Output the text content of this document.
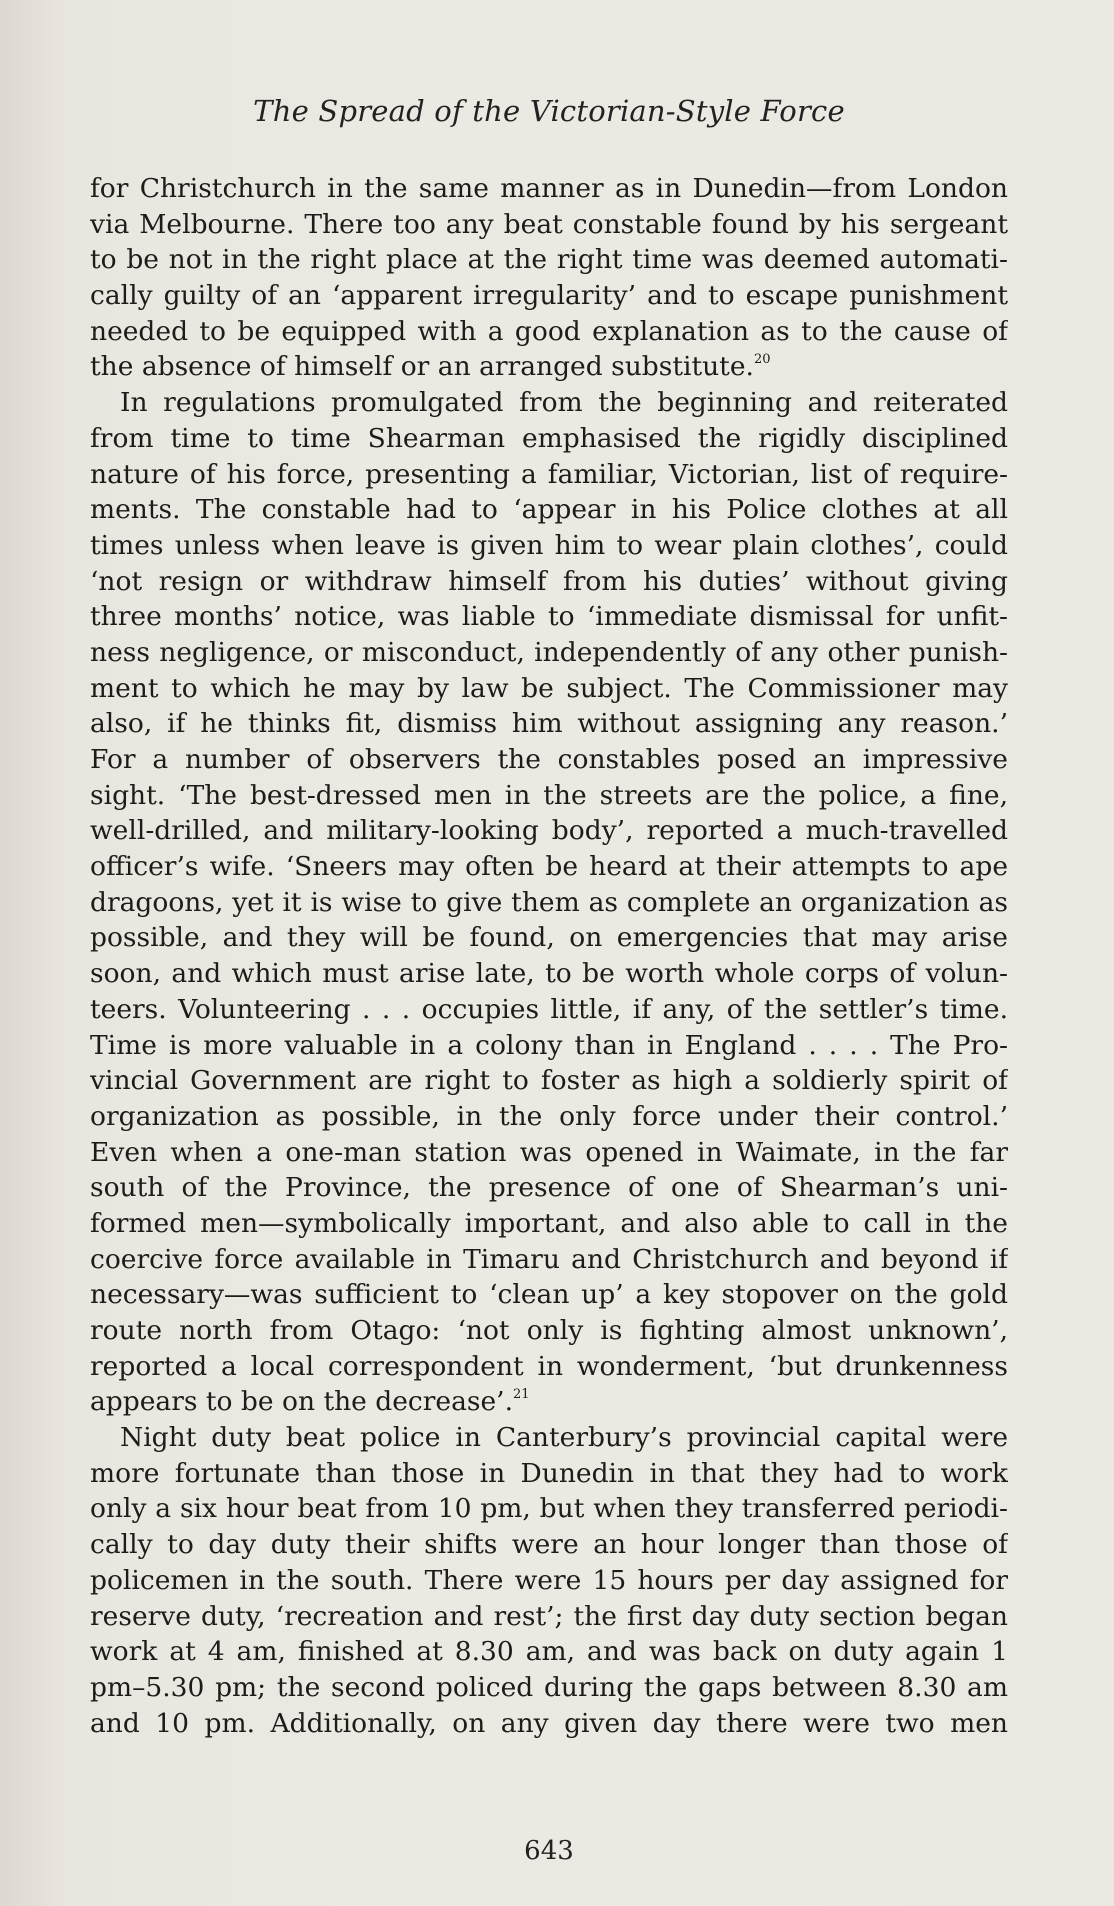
The Spread of the Victorian-Style Force
for Christchurch in the same manner as in Dunedin—from London
via Melbourne. There too any beat constable found by his sergeant
to be not in the right place at the right time was deemed automati-
cally guilty of an ‘apparent irregularity’ and to escape punishment
needed to be equipped with a good explanation as to the cause of
the absence of himself or an arranged substitute.$^{20}$
In regulations promulgated from the beginning and reiterated
from time to time Shearman emphasised the rigidly disciplined
nature of his force, presenting a familiar, Victorian, list of require-
ments. The constable had to ‘appear in his Police clothes at all
times unless when leave is given him to wear plain clothes’, could
‘not resign or withdraw himself from his duties’ without giving
three months’ notice, was liable to ‘immediate dismissal for unfit-
ness negligence, or misconduct, independently of any other punish-
ment to which he may by law be subject. The Commissioner may
also, if he thinks fit, dismiss him without assigning any reason.’
For a number of observers the constables posed an impressive
sight. ‘The best-dressed men in the streets are the police, a fine,
well-drilled, and military-looking body’, reported a much-travelled
officer’s wife. ‘Sneers may often be heard at their attempts to ape
dragoons, yet it is wise to give them as complete an organization as
possible, and they will be found, on emergencies that may arise
soon, and which must arise late, to be worth whole corps of volun-
teers. Volunteering . . . occupies little, if any, of the settler’s time.
Time is more valuable in a colony than in England . . . . The Pro-
vincial Government are right to foster as high a soldierly spirit of
organization as possible, in the only force under their control.’
Even when a one-man station was opened in Waimate, in the far
south of the Province, the presence of one of Shearman’s uni-
formed men—symbolically important, and also able to call in the
coercive force available in Timaru and Christchurch and beyond if
necessary—was sufficient to ‘clean up’ a key stopover on the gold
route north from Otago: ‘not only is fighting almost unknown’,
reported a local correspondent in wonderment, ‘but drunkenness
appears to be on the decrease’.$^{21}$
Night duty beat police in Canterbury’s provincial capital were
more fortunate than those in Dunedin in that they had to work
only a six hour beat from 10 pm, but when they transferred periodi-
cally to day duty their shifts were an hour longer than those of
policemen in the south. There were 15 hours per day assigned for
reserve duty, ‘recreation and rest’; the first day duty section began
work at 4 am, finished at 8.30 am, and was back on duty again 1
pm–5.30 pm; the second policed during the gaps between 8.30 am
and 10 pm. Additionally, on any given day there were two men
643
